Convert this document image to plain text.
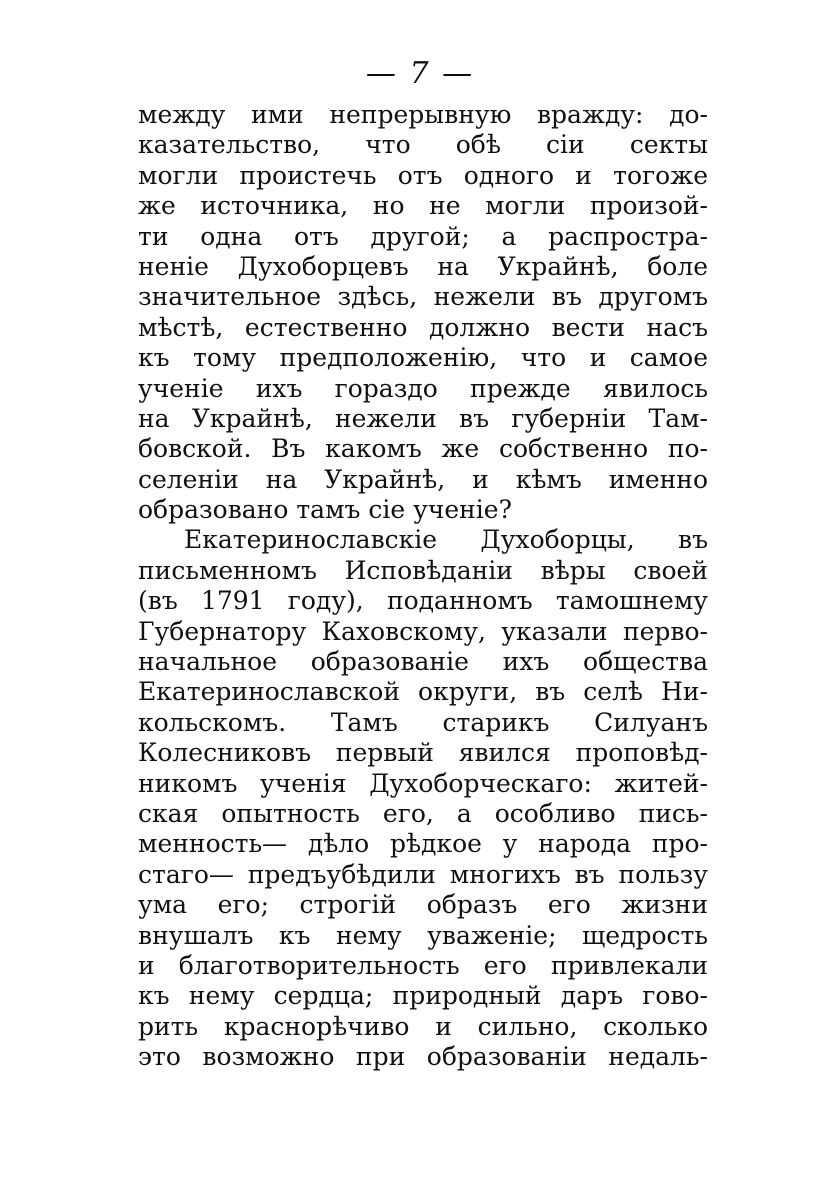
— 7 —
между ими непрерывную вражду: до-
казательство, что обѣ сіи секты
могли проистечь отъ одного и тогоже
же источника, но не могли произой-
ти одна отъ другой; а распростра-
неніе Духоборцевъ на Украйнѣ, боле
значительное здѣсь, нежели въ другомъ
мѣстѣ, естественно должно вести насъ
къ тому предположенію, что и самое
ученіе ихъ гораздо прежде явилось
на Украйнѣ, нежели въ губерніи Там-
бовской. Въ какомъ же собственно по-
селеніи на Украйнѣ, и кѣмъ именно
образовано тамъ сіе ученіе?
Екатеринославскіе Духоборцы, въ
письменномъ Исповѣданіи вѣры своей
(въ 1791 году), поданномъ тамошнему
Губернатору Каховскому, указали перво-
начальное образованіе ихъ общества
Екатеринославской округи, въ селѣ Ни-
кольскомъ. Тамъ старикъ Силуанъ
Колесниковъ первый явился проповѣд-
никомъ ученія Духоборческаго: житей-
ская опытность его, а особливо пись-
менность— дѣло рѣдкое у народа про-
стаго— предъубѣдили многихъ въ пользу
ума его; строгій образъ его жизни
внушалъ къ нему уваженіе; щедрость
и благотворительность его привлекали
къ нему сердца; природный даръ гово-
рить краснорѣчиво и сильно, сколько
это возможно при образованіи недаль-
